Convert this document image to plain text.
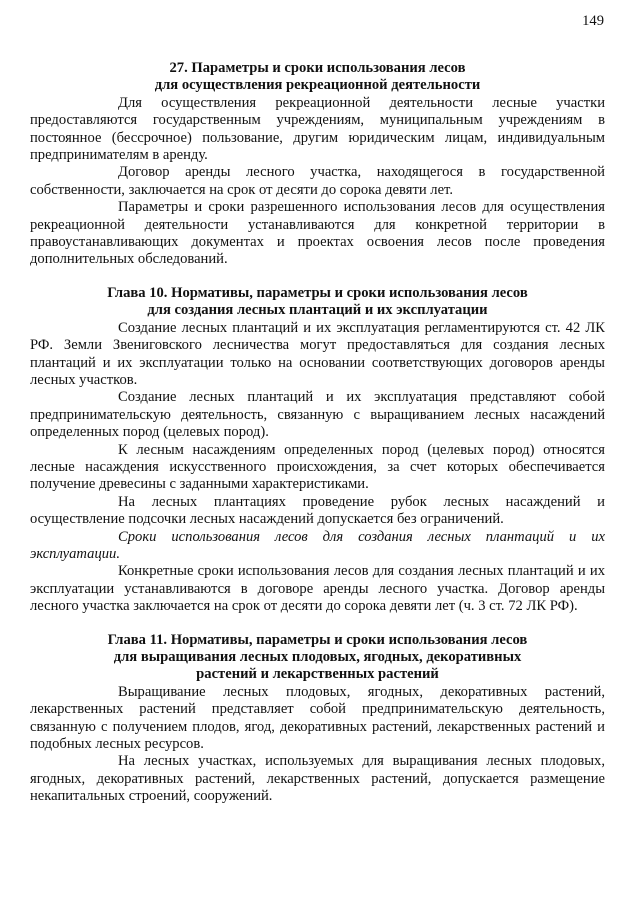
149
27. Параметры и сроки использования лесов
для осуществления рекреационной деятельности

Для осуществления рекреационной деятельности лесные участки предоставляются государственным учреждениям, муниципальным учреждениям в постоянное (бессрочное) пользование, другим юридическим лицам, индивидуальным предпринимателям в аренду.

Договор аренды лесного участка, находящегося в государственной собственности, заключается на срок от десяти до сорока девяти лет.

Параметры и сроки разрешенного использования лесов для осуществления рекреационной деятельности устанавливаются для конкретной территории в правоустанавливающих документах и проектах освоения лесов после проведения дополнительных обследований.

Глава 10. Нормативы, параметры и сроки использования лесов
для создания лесных плантаций и их эксплуатации

Создание лесных плантаций и их эксплуатация регламентируются ст. 42 ЛК РФ. Земли Звениговского лесничества могут предоставляться для создания лесных плантаций и их эксплуатации только на основании соответствующих договоров аренды лесных участков.

Создание лесных плантаций и их эксплуатация представляют собой предпринимательскую деятельность, связанную с выращиванием лесных насаждений определенных пород (целевых пород).

К лесным насаждениям определенных пород (целевых пород) относятся лесные насаждения искусственного происхождения, за счет которых обеспечивается получение древесины с заданными характеристиками.

На лесных плантациях проведение рубок лесных насаждений и осуществление подсочки лесных насаждений допускается без ограничений.

Сроки использования лесов для создания лесных плантаций и их эксплуатации.

Конкретные сроки использования лесов для создания лесных плантаций и их эксплуатации устанавливаются в договоре аренды лесного участка. Договор аренды лесного участка заключается на срок от десяти до сорока девяти лет (ч. 3 ст. 72 ЛК РФ).

Глава 11. Нормативы, параметры и сроки использования лесов
для выращивания лесных плодовых, ягодных, декоративных
растений и лекарственных растений

Выращивание лесных плодовых, ягодных, декоративных растений, лекарственных растений представляет собой предпринимательскую деятельность, связанную с получением плодов, ягод, декоративных растений, лекарственных растений и подобных лесных ресурсов.

На лесных участках, используемых для выращивания лесных плодовых, ягодных, декоративных растений, лекарственных растений, допускается размещение некапитальных строений, сооружений.
